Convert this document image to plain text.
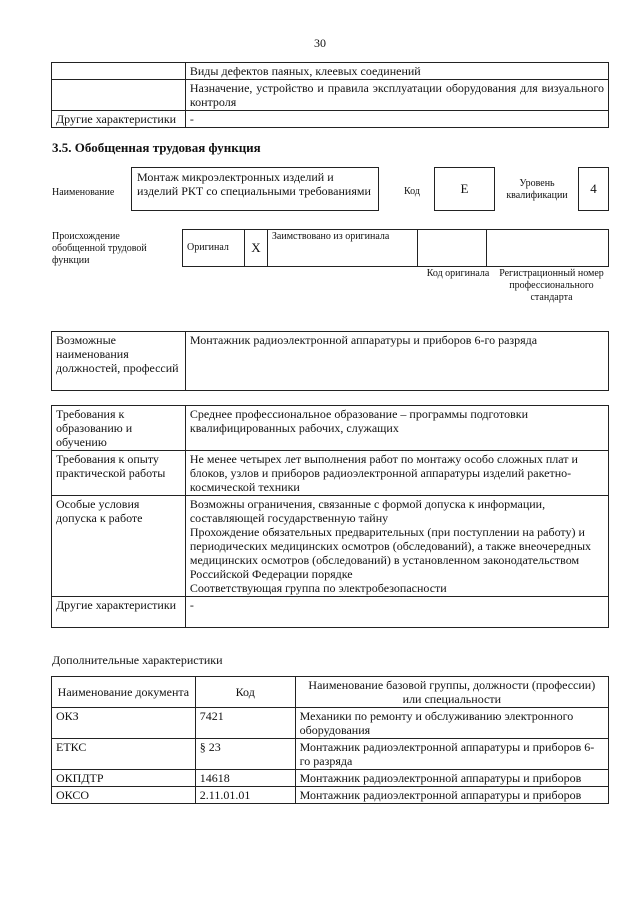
30
	Виды дефектов паяных, клеевых соединений
	Назначение, устройство и правила эксплуатации оборудования для визуального контроля
Другие характеристики	-
3.5. Обобщенная трудовая функция
Наименование
Монтаж микроэлектронных изделий и изделий РКТ со специальными требованиями	Код	E	Уровень квалификации	4
Происхождение обобщенной трудовой функции
Оригинал	X	Заимствовано из оригинала		
Код оригинала Регистрационный номер профессионального стандарта
Возможные наименования должностей, профессий	Монтажник радиоэлектронной аппаратуры и приборов 6-го разряда
Требования к образованию и обучению	Среднее профессиональное образование – программы подготовки квалифицированных рабочих, служащих
Требования к опыту практической работы	Не менее четырех лет выполнения работ по монтажу особо сложных плат и блоков, узлов и приборов радиоэлектронной аппаратуры изделий ракетно-космической техники
Особые условия допуска к работе	Возможны ограничения, связанные с формой допуска к информации, составляющей государственную тайну
Прохождение обязательных предварительных (при поступлении на работу) и периодических медицинских осмотров (обследований), а также внеочередных медицинских осмотров (обследований) в установленном законодательством Российской Федерации порядке
Соответствующая группа по электробезопасности
Другие характеристики	-
Дополнительные характеристики
Наименование документа	Код	Наименование базовой группы, должности (профессии) или специальности
ОКЗ	7421	Механики по ремонту и обслуживанию электронного оборудования
ЕТКС	§ 23	Монтажник радиоэлектронной аппаратуры и приборов 6-го разряда
ОКПДТР	14618	Монтажник радиоэлектронной аппаратуры и приборов
ОКСО	2.11.01.01	Монтажник радиоэлектронной аппаратуры и приборов
